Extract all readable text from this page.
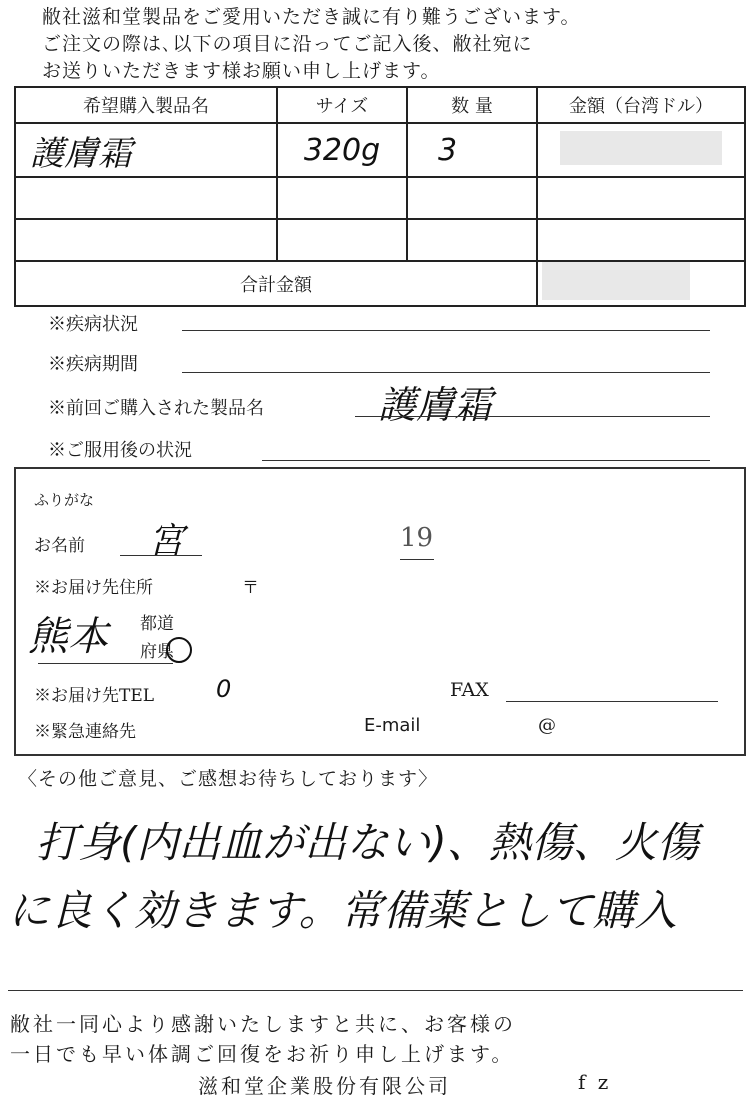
敝社滋和堂製品をご愛用いただき誠に有り難うございます。
ご注文の際は､以下の項目に沿ってご記入後、敝社宛に
お送りいただきます様お願い申し上げます。
希望購入製品名	サイズ	数 量	金額（台湾ドル）
護膚霜	320g	3	

合計金額			
※疾病状況
※疾病期間
※前回ご購入された製品名	護膚霜
※ご服用後の状況
ふりがな
お名前 宮	19
※お届け先住所	〒
熊本 都道
府県
※お届け先TEL	0	FAX
※緊急連絡先	E-mail	@
〈その他ご意見、ご感想お待ちしております〉
打身(内出血が出ない)、熱傷、火傷
に良く効きます。常備薬として購入
敝社一同心より感謝いたしますと共に、お客様の
一日でも早い体調ご回復をお祈り申し上げます。
滋和堂企業股份有限公司	f z
